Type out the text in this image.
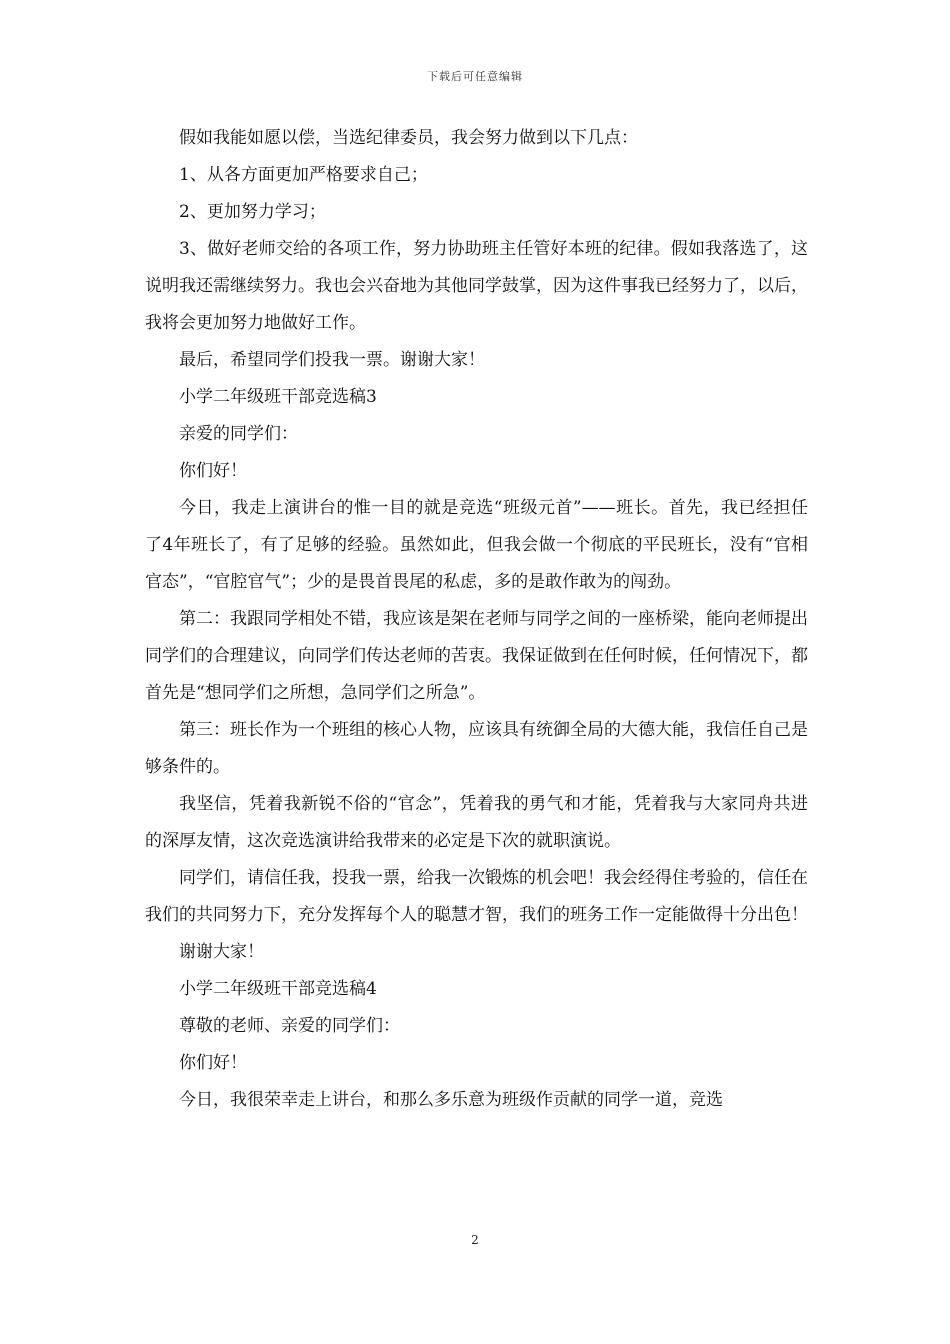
下载后可任意编辑

假如我能如愿以偿，当选纪律委员，我会努力做到以下几点：

1、从各方面更加严格要求自己；

2、更加努力学习；

3、做好老师交给的各项工作，努力协助班主任管好本班的纪律。假如我落选了，这说明我还需继续努力。我也会兴奋地为其他同学鼓掌，因为这件事我已经努力了，以后，我将会更加努力地做好工作。

最后，希望同学们投我一票。谢谢大家！

小学二年级班干部竞选稿3

亲爱的同学们：

你们好！

今日，我走上演讲台的惟一目的就是竞选“班级元首”——班长。首先，我已经担任了4年班长了，有了足够的经验。虽然如此，但我会做一个彻底的平民班长，没有“官相官态”，“官腔官气”；少的是畏首畏尾的私虑，多的是敢作敢为的闯劲。

第二：我跟同学相处不错，我应该是架在老师与同学之间的一座桥梁，能向老师提出同学们的合理建议，向同学们传达老师的苦衷。我保证做到在任何时候，任何情况下，都首先是“想同学们之所想，急同学们之所急”。

第三：班长作为一个班组的核心人物，应该具有统御全局的大德大能，我信任自己是够条件的。

我坚信，凭着我新锐不俗的“官念”，凭着我的勇气和才能，凭着我与大家同舟共进的深厚友情，这次竞选演讲给我带来的必定是下次的就职演说。

同学们，请信任我，投我一票，给我一次锻炼的机会吧！我会经得住考验的，信任在我们的共同努力下，充分发挥每个人的聪慧才智，我们的班务工作一定能做得十分出色！

谢谢大家！

小学二年级班干部竞选稿4

尊敬的老师、亲爱的同学们：

你们好！

今日，我很荣幸走上讲台，和那么多乐意为班级作贡献的同学一道，竞选

2
